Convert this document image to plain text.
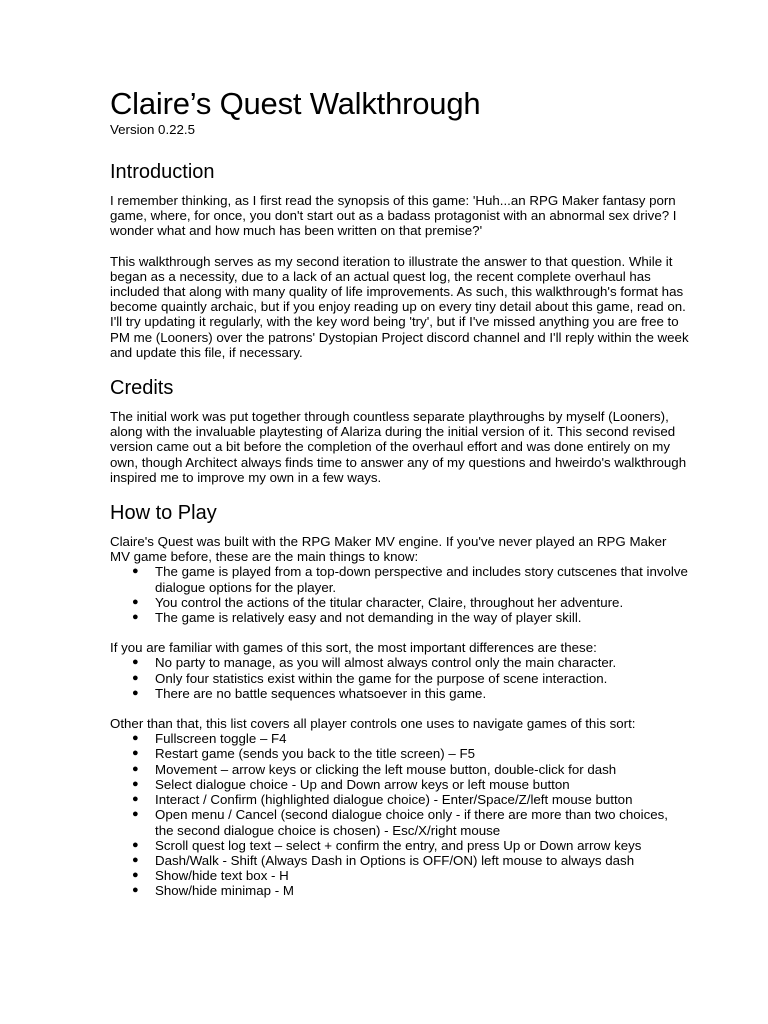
Claire’s Quest Walkthrough

Version 0.22.5

Introduction

I remember thinking, as I first read the synopsis of this game: 'Huh...an RPG Maker fantasy porn game, where, for once, you don't start out as a badass protagonist with an abnormal sex drive? I wonder what and how much has been written on that premise?'

This walkthrough serves as my second iteration to illustrate the answer to that question. While it began as a necessity, due to a lack of an actual quest log, the recent complete overhaul has included that along with many quality of life improvements. As such, this walkthrough's format has become quaintly archaic, but if you enjoy reading up on every tiny detail about this game, read on. I'll try updating it regularly, with the key word being 'try', but if I've missed anything you are free to PM me (Looners) over the patrons' Dystopian Project discord channel and I'll reply within the week and update this file, if necessary.

Credits

The initial work was put together through countless separate playthroughs by myself (Looners), along with the invaluable playtesting of Alariza during the initial version of it. This second revised version came out a bit before the completion of the overhaul effort and was done entirely on my own, though Architect always finds time to answer any of my questions and hweirdo's walkthrough inspired me to improve my own in a few ways.

How to Play

Claire's Quest was built with the RPG Maker MV engine. If you've never played an RPG Maker MV game before, these are the main things to know:

● The game is played from a top-down perspective and includes story cutscenes that involve dialogue options for the player.
● You control the actions of the titular character, Claire, throughout her adventure.
● The game is relatively easy and not demanding in the way of player skill.

If you are familiar with games of this sort, the most important differences are these:

● No party to manage, as you will almost always control only the main character.
● Only four statistics exist within the game for the purpose of scene interaction.
● There are no battle sequences whatsoever in this game.

Other than that, this list covers all player controls one uses to navigate games of this sort:

● Fullscreen toggle – F4
● Restart game (sends you back to the title screen) – F5
● Movement – arrow keys or clicking the left mouse button, double-click for dash
● Select dialogue choice - Up and Down arrow keys or left mouse button
● Interact / Confirm (highlighted dialogue choice) - Enter/Space/Z/left mouse button
● Open menu / Cancel (second dialogue choice only - if there are more than two choices, the second dialogue choice is chosen) - Esc/X/right mouse
● Scroll quest log text – select + confirm the entry, and press Up or Down arrow keys
● Dash/Walk - Shift (Always Dash in Options is OFF/ON) left mouse to always dash
● Show/hide text box - H
● Show/hide minimap - M
